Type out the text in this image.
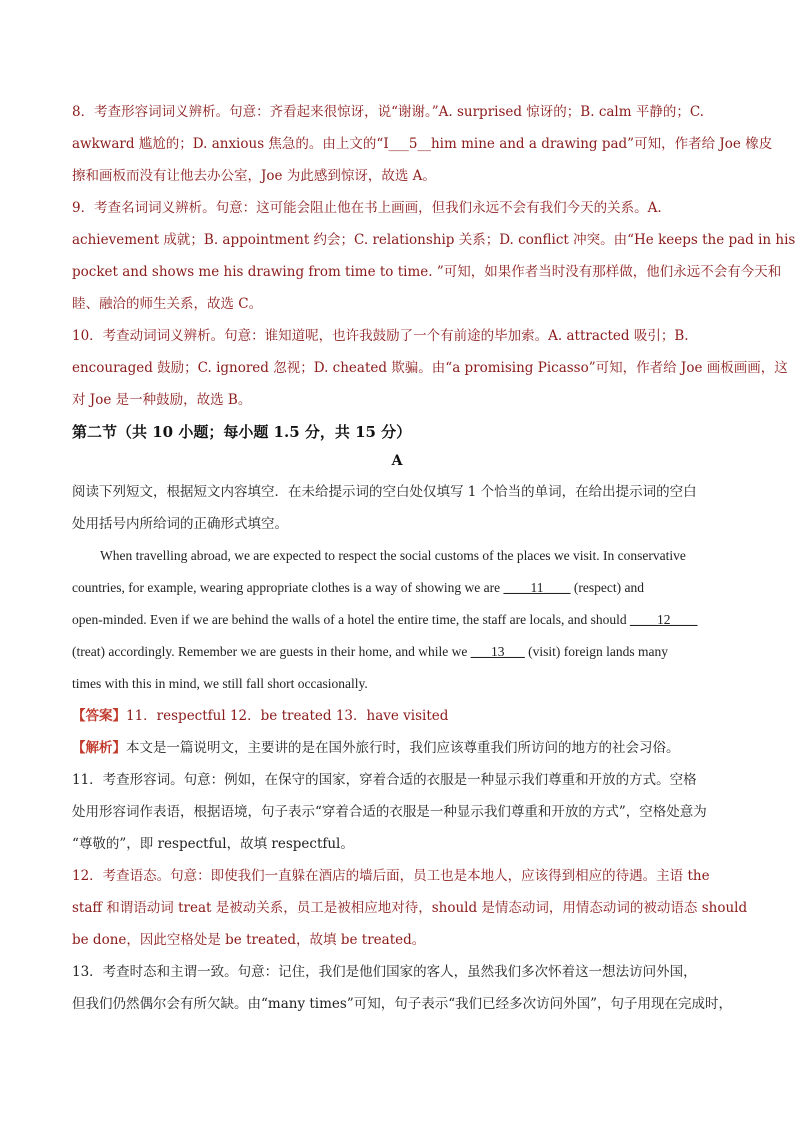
8．考查形容词词义辨析。句意：齐看起来很惊讶，说“谢谢。”A. surprised 惊讶的；B. calm 平静的；C.
awkward 尴尬的；D. anxious 焦急的。由上文的“I___5__him mine and a drawing pad”可知，作者给 Joe 橡皮
擦和画板而没有让他去办公室，Joe 为此感到惊讶，故选 A。
9．考查名词词义辨析。句意：这可能会阻止他在书上画画，但我们永远不会有我们今天的关系。A.
achievement 成就；B. appointment 约会；C. relationship 关系；D. conflict 冲突。由“He keeps the pad in his
pocket and shows me his drawing from time to time. ”可知，如果作者当时没有那样做，他们永远不会有今天和
睦、融洽的师生关系，故选 C。
10．考查动词词义辨析。句意：谁知道呢，也许我鼓励了一个有前途的毕加索。A. attracted 吸引；B.
encouraged 鼓励；C. ignored 忽视；D. cheated 欺骗。由“a promising Picasso”可知，作者给 Joe 画板画画，这
对 Joe 是一种鼓励，故选 B。
第二节（共 10 小题；每小题 1.5 分，共 15 分）
A
阅读下列短文，根据短文内容填空．在未给提示词的空白处仅填写 1 个恰当的单词，在给出提示词的空白
处用括号内所给词的正确形式填空。
When travelling abroad, we are expected to respect the social customs of the places we visit. In conservative
countries, for example, wearing appropriate clothes is a way of showing we are ____11____ (respect) and
open-minded. Even if we are behind the walls of a hotel the entire time, the staff are locals, and should ____12____
(treat) accordingly. Remember we are guests in their home, and while we ___13___ (visit) foreign lands many
times with this in mind, we still fall short occasionally.
【答案】11．respectful 12．be treated 13．have visited
【解析】本文是一篇说明文，主要讲的是在国外旅行时，我们应该尊重我们所访问的地方的社会习俗。
11．考查形容词。句意：例如，在保守的国家，穿着合适的衣服是一种显示我们尊重和开放的方式。空格
处用形容词作表语，根据语境，句子表示“穿着合适的衣服是一种显示我们尊重和开放的方式”，空格处意为
“尊敬的”，即 respectful，故填 respectful。
12．考查语态。句意：即使我们一直躲在酒店的墙后面，员工也是本地人，应该得到相应的待遇。主语 the
staff 和谓语动词 treat 是被动关系，员工是被相应地对待，should 是情态动词，用情态动词的被动语态 should
be done，因此空格处是 be treated，故填 be treated。
13．考查时态和主谓一致。句意：记住，我们是他们国家的客人，虽然我们多次怀着这一想法访问外国，
但我们仍然偶尔会有所欠缺。由“many times”可知，句子表示“我们已经多次访问外国”，句子用现在完成时，
